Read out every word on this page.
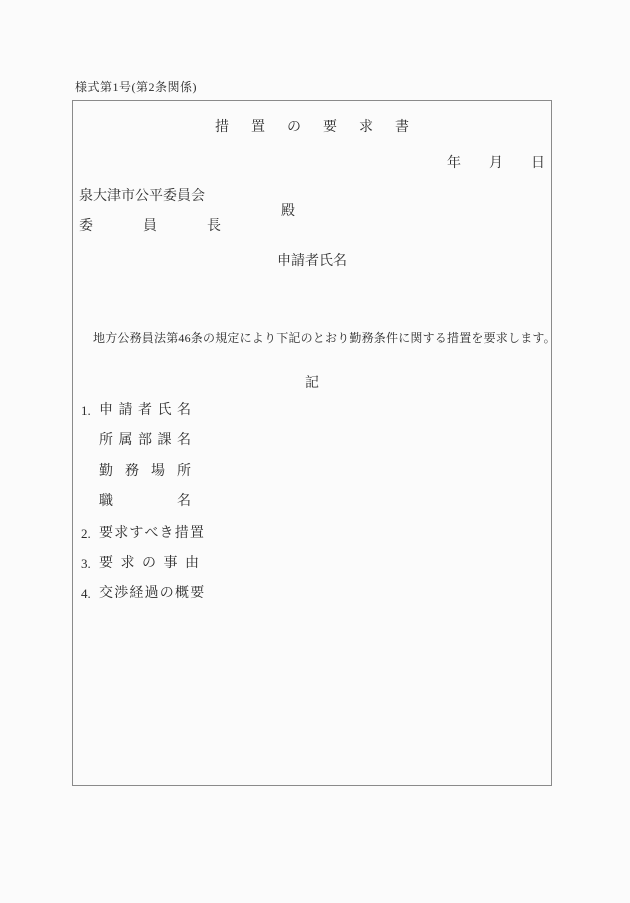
様式第1号(第2条関係)
措置の要求書
年　　月　　日
泉大津市公平委員会
殿
委員長
申請者氏名
地方公務員法第46条の規定により下記のとおり勤務条件に関する措置を要求します。
記
1. 申請者氏名
所属部課名
勤務場所
職名
2. 要求すべき措置
3. 要求の事由
4. 交渉経過の概要
